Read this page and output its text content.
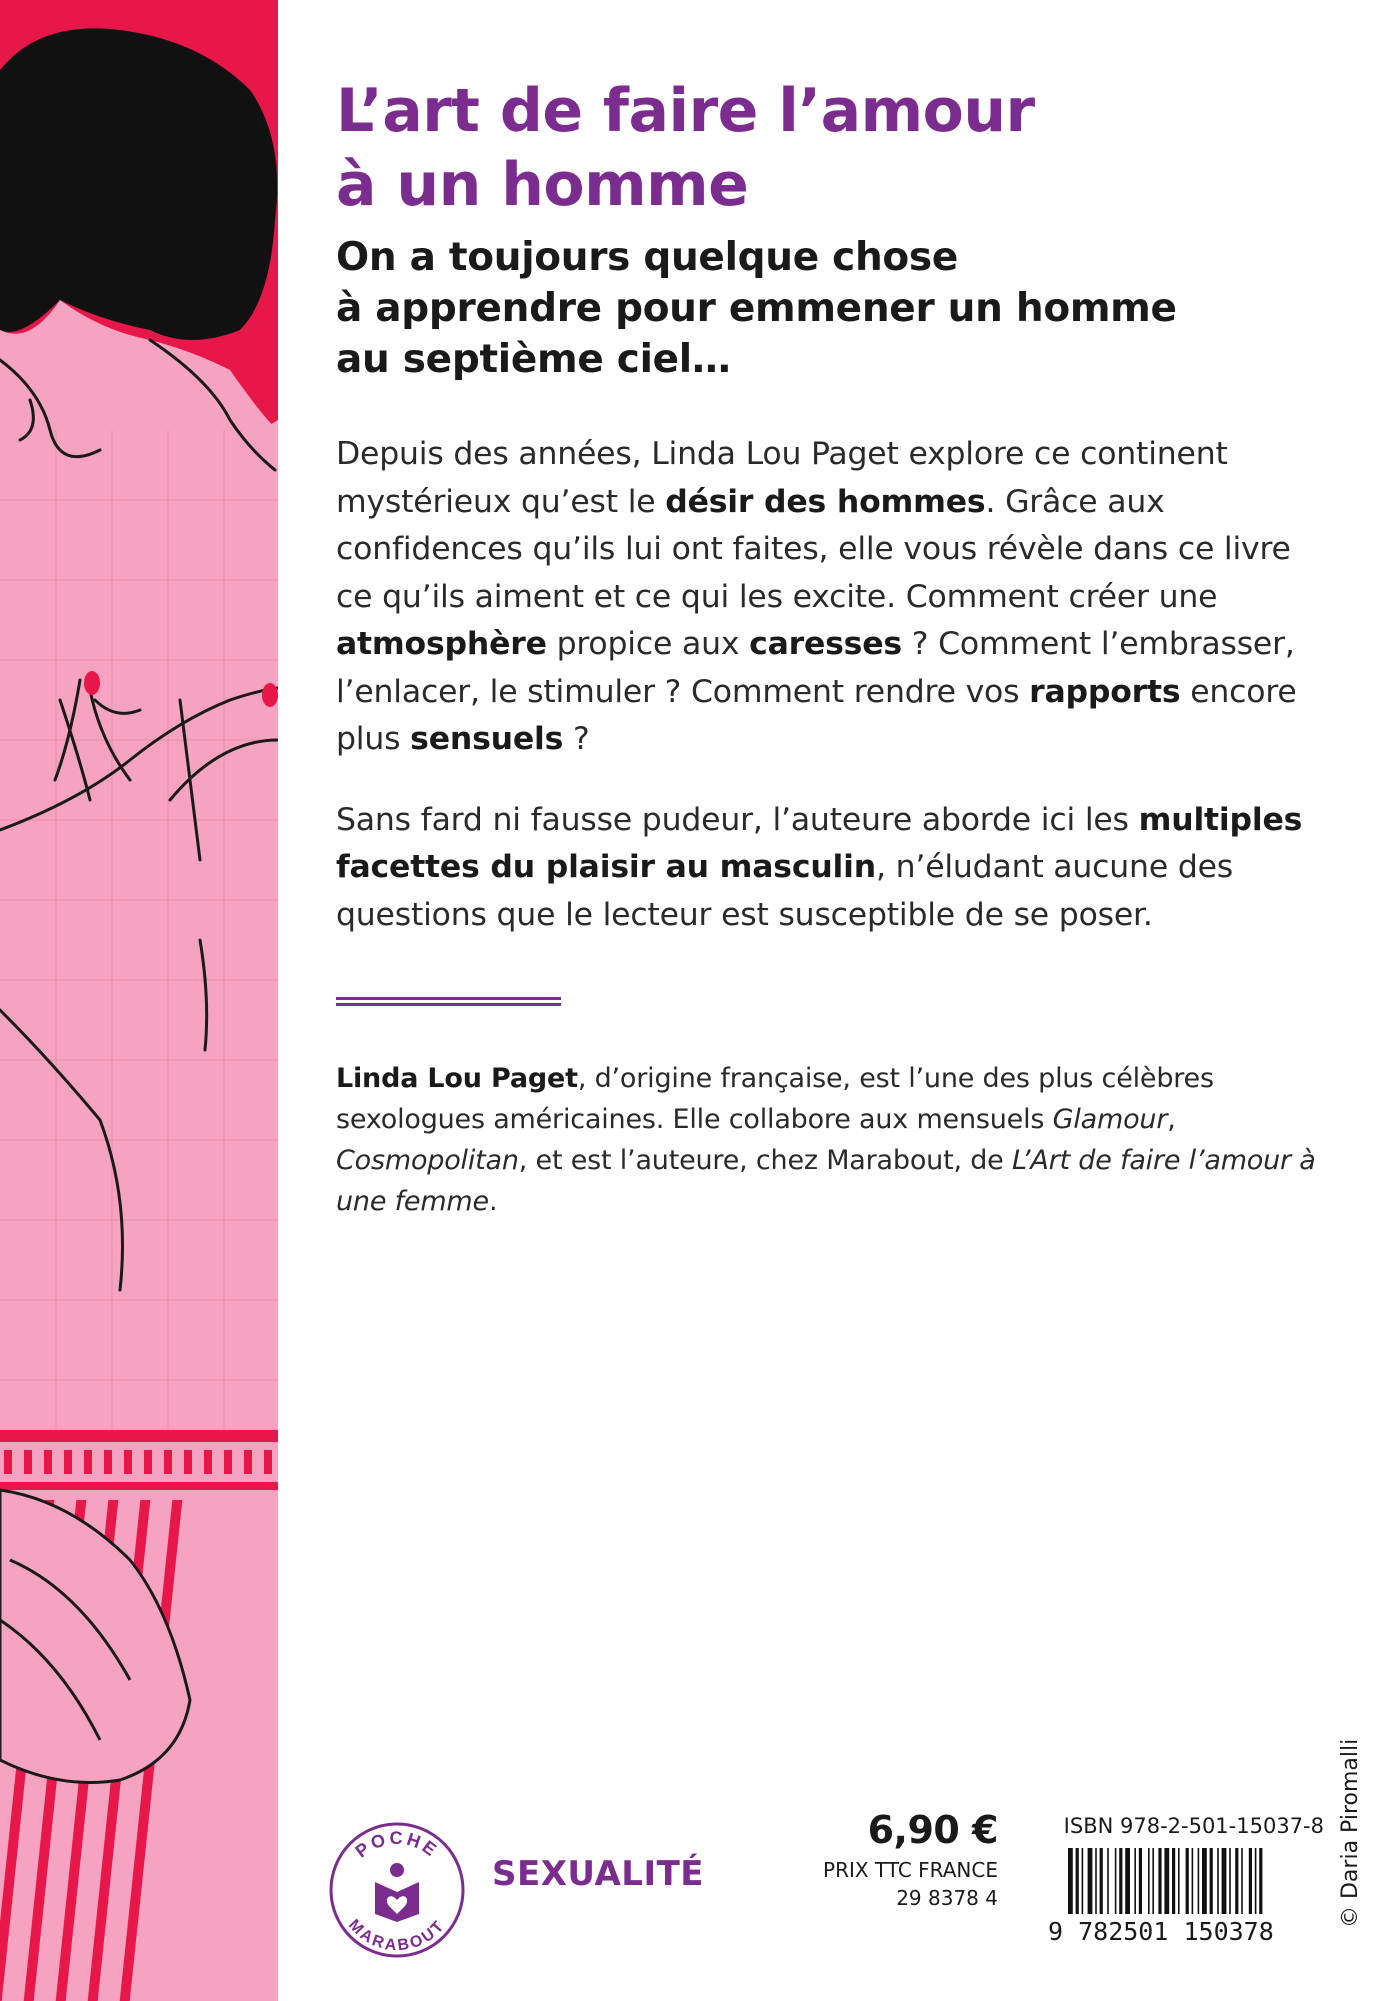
L’art de faire l’amour
à un homme
On a toujours quelque chose
à apprendre pour emmener un homme
au septième ciel…

Depuis des années, Linda Lou Paget explore ce continent mystérieux qu’est le désir des hommes. Grâce aux confidences qu’ils lui ont faites, elle vous révèle dans ce livre ce qu’ils aiment et ce qui les excite. Comment créer une atmosphère propice aux caresses ? Comment l’embrasser, l’enlacer, le stimuler ? Comment rendre vos rapports encore plus sensuels ?

Sans fard ni fausse pudeur, l’auteure aborde ici les multiples facettes du plaisir au masculin, n’éludant aucune des questions que le lecteur est susceptible de se poser.

Linda Lou Paget, d’origine française, est l’une des plus célèbres sexologues américaines. Elle collabore aux mensuels Glamour, Cosmopolitan, et est l’auteure, chez Marabout, de L’Art de faire l’amour à une femme.

POCHE
MARABOUT
SEXUALITÉ
6,90 €
PRIX TTC FRANCE
29 8378 4
ISBN 978-2-501-15037-8
9 782501 150378
© Daria Piromalli
